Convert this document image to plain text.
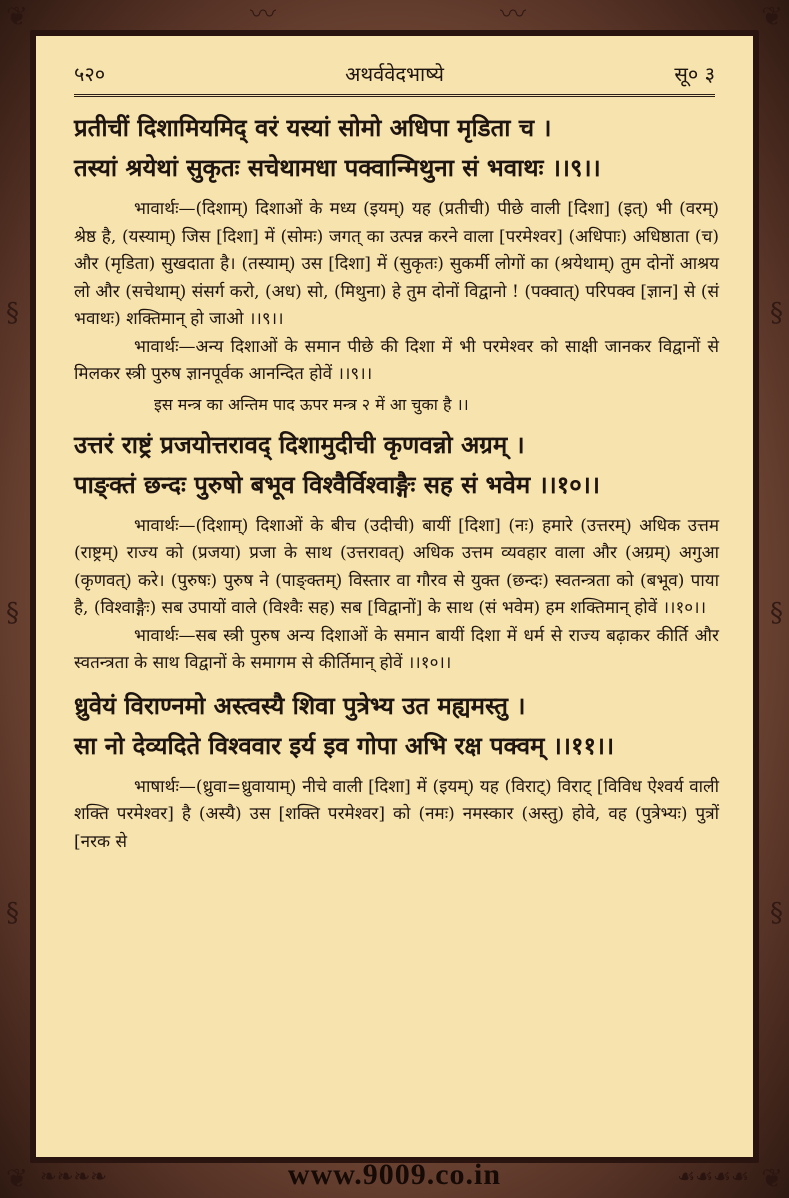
❦	❦
❦	❦
§
§
§
§
§
§
〰	〰
५२०	अथर्ववेदभाष्ये	सू० ३

प्रतीचीं दिशामियमिद् वरं यस्यां सोमो अधिपा मृडिता च ।

तस्यां श्रयेथां सुकृतः सचेथामधा पक्वान्मिथुना सं भवाथः ।।९।।

भावार्थः—(दिशाम्) दिशाओं के मध्य (इयम्) यह (प्रतीची) पीछे वाली [दिशा] (इत्) भी (वरम्) श्रेष्ठ है, (यस्याम्) जिस [दिशा] में (सोमः) जगत् का उत्पन्न करने वाला [परमेश्वर] (अधिपाः) अधिष्ठाता (च) और (मृडिता) सुखदाता है। (तस्याम्) उस [दिशा] में (सुकृतः) सुकर्मी लोगों का (श्रयेथाम्) तुम दोनों आश्रय लो और (सचेथाम्) संसर्ग करो, (अध) सो, (मिथुना) हे तुम दोनों विद्वानो ! (पक्वात्) परिपक्व [ज्ञान] से (सं भवाथः) शक्तिमान् हो जाओ ।।९।।

भावार्थः—अन्य दिशाओं के समान पीछे की दिशा में भी परमेश्वर को साक्षी जानकर विद्वानों से मिलकर स्त्री पुरुष ज्ञानपूर्वक आनन्दित होवें ।।९।।

इस मन्त्र का अन्तिम पाद ऊपर मन्त्र २ में आ चुका है ।।

उत्तरं राष्ट्रं प्रजयोत्तरावद् दिशामुदीची कृणवन्नो अग्रम् ।

पाङ्क्तं छन्दः पुरुषो बभूव विश्वैर्विश्वाङ्गैः सह सं भवेम ।।१०।।

भावार्थः—(दिशाम्) दिशाओं के बीच (उदीची) बायीं [दिशा] (नः) हमारे (उत्तरम्) अधिक उत्तम (राष्ट्रम्) राज्य को (प्रजया) प्रजा के साथ (उत्तरावत्) अधिक उत्तम व्यवहार वाला और (अग्रम्) अगुआ (कृणवत्) करे। (पुरुषः) पुरुष ने (पाङ्क्तम्) विस्तार वा गौरव से युक्त (छन्दः) स्वतन्त्रता को (बभूव) पाया है, (विश्वाङ्गैः) सब उपायों वाले (विश्वैः सह) सब [विद्वानों] के साथ (सं भवेम) हम शक्तिमान् होवें ।।१०।।

भावार्थः—सब स्त्री पुरुष अन्य दिशाओं के समान बायीं दिशा में धर्म से राज्य बढ़ाकर कीर्ति और स्वतन्त्रता के साथ विद्वानों के समागम से कीर्तिमान् होवें ।।१०।।

ध्रुवेयं विराण्नमो अस्त्वस्यै शिवा पुत्रेभ्य उत मह्यमस्तु ।

सा नो देव्यदिते विश्ववार इर्य इव गोपा अभि रक्ष पक्वम् ।।११।।

भाषार्थः—(ध्रुवा=ध्रुवायाम्) नीचे वाली [दिशा] में (इयम्) यह (विराट्) विराट् [विविध ऐश्वर्य वाली शक्ति परमेश्वर] है (अस्यै) उस [शक्ति परमेश्वर] को (नमः) नमस्कार (अस्तु) होवे, वह (पुत्रेभ्यः) पुत्रों [नरक से

❧❧❧❧	www.9009.co.in	☙☙☙☙
